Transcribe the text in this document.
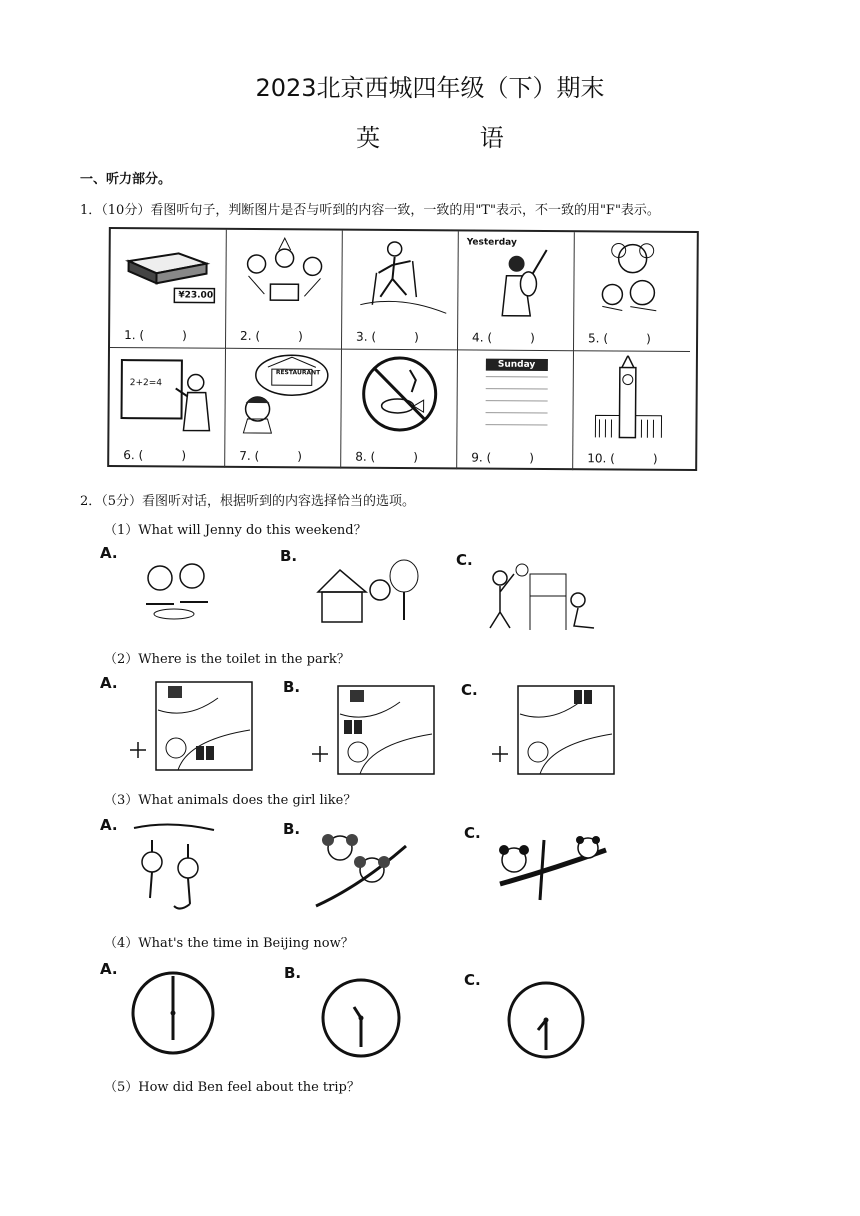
2023北京西城四年级（下）期末
英 语
一、听力部分。
1．（10分）看图听句子，判断图片是否与听到的内容一致，一致的用"T"表示，不一致的用"F"表示。
¥23.00
1. (          )	2. (          )	3. (          )
Yesterday
4. (          )	5. (          )
2+2=4
6. (          )
RESTAURANT
7. (          )	8. (          )
Sunday
9. (          )	10. (          )
2．（5分）看图听对话，根据听到的内容选择恰当的选项。
（1）What will Jenny do this weekend？
A.	B.	C.
（2）Where is the toilet in the park？
A.	B.	C.
（3）What animals does the girl like？
A.	B.	C.
（4）What's the time in Beijing now？
A.	B.	C.
（5）How did Ben feel about the trip？
